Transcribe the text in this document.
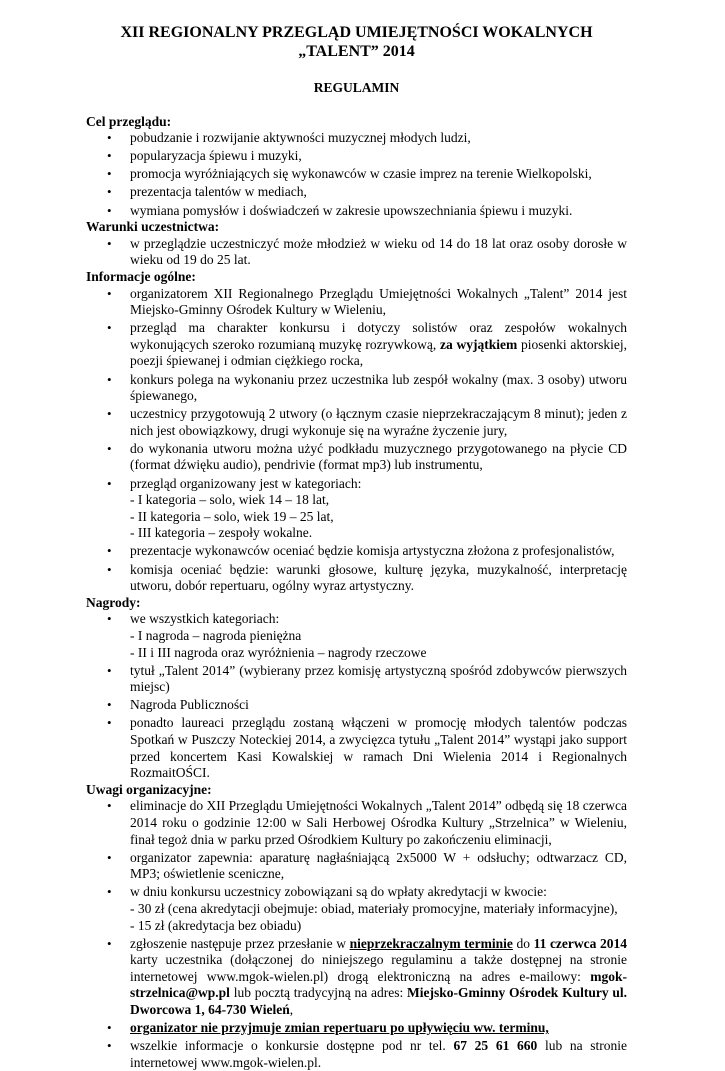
XII REGIONALNY PRZEGLĄD UMIEJĘTNOŚCI WOKALNYCH
„TALENT” 2014
REGULAMIN
Cel przeglądu:
• pobudzanie i rozwijanie aktywności muzycznej młodych ludzi,
• popularyzacja śpiewu i muzyki,
• promocja wyróżniających się wykonawców w czasie imprez na terenie Wielkopolski,
• prezentacja talentów w mediach,
• wymiana pomysłów i doświadczeń w zakresie upowszechniania śpiewu i muzyki.
Warunki uczestnictwa:
• w przeglądzie uczestniczyć może młodzież w wieku od 14 do 18 lat oraz osoby dorosłe w wieku od 19 do 25 lat.
Informacje ogólne:
• organizatorem XII Regionalnego Przeglądu Umiejętności Wokalnych „Talent” 2014 jest Miejsko-Gminny Ośrodek Kultury w Wieleniu,
• przegląd ma charakter konkursu i dotyczy solistów oraz zespołów wokalnych wykonujących szeroko rozumianą muzykę rozrywkową, za wyjątkiem piosenki aktorskiej, poezji śpiewanej i odmian ciężkiego rocka,
• konkurs polega na wykonaniu przez uczestnika lub zespół wokalny (max. 3 osoby) utworu śpiewanego,
• uczestnicy przygotowują 2 utwory (o łącznym czasie nieprzekraczającym 8 minut); jeden z nich jest obowiązkowy, drugi wykonuje się na wyraźne życzenie jury,
• do wykonania utworu można użyć podkładu muzycznego przygotowanego na płycie CD (format dźwięku audio), pendrivie (format mp3) lub instrumentu,
• przegląd organizowany jest w kategoriach:
- I kategoria – solo, wiek 14 – 18 lat,
- II kategoria – solo, wiek 19 – 25 lat,
- III kategoria – zespoły wokalne.
• prezentacje wykonawców oceniać będzie komisja artystyczna złożona z profesjonalistów,
• komisja oceniać będzie: warunki głosowe, kulturę języka, muzykalność, interpretację utworu, dobór repertuaru, ogólny wyraz artystyczny.
Nagrody:
• we wszystkich kategoriach:
- I nagroda – nagroda pieniężna
- II i III nagroda oraz wyróżnienia – nagrody rzeczowe
• tytuł „Talent 2014” (wybierany przez komisję artystyczną spośród zdobywców pierwszych miejsc)
• Nagroda Publiczności
• ponadto laureaci przeglądu zostaną włączeni w promocję młodych talentów podczas Spotkań w Puszczy Noteckiej 2014, a zwycięzca tytułu „Talent 2014” wystąpi jako support przed koncertem Kasi Kowalskiej w ramach Dni Wielenia 2014 i Regionalnych RozmaitOŚCI.
Uwagi organizacyjne:
• eliminacje do XII Przeglądu Umiejętności Wokalnych „Talent 2014” odbędą się 18 czerwca 2014 roku o godzinie 12:00 w Sali Herbowej Ośrodka Kultury „Strzelnica” w Wieleniu, finał tegoż dnia w parku przed Ośrodkiem Kultury po zakończeniu eliminacji,
• organizator zapewnia: aparaturę nagłaśniającą 2x5000 W + odsłuchy; odtwarzacz CD, MP3; oświetlenie sceniczne,
• w dniu konkursu uczestnicy zobowiązani są do wpłaty akredytacji w kwocie:
- 30 zł (cena akredytacji obejmuje: obiad, materiały promocyjne, materiały informacyjne),
- 15 zł (akredytacja bez obiadu)
• zgłoszenie następuje przez przesłanie w nieprzekraczalnym terminie do 11 czerwca 2014 karty uczestnika (dołączonej do niniejszego regulaminu a także dostępnej na stronie internetowej www.mgok-wielen.pl) drogą elektroniczną na adres e-mailowy: mgok-strzelnica@wp.pl lub pocztą tradycyjną na adres: Miejsko-Gminny Ośrodek Kultury ul. Dworcowa 1, 64-730 Wieleń,
• organizator nie przyjmuje zmian repertuaru po upływięciu ww. terminu,
• wszelkie informacje o konkursie dostępne pod nr tel. 67 25 61 660 lub na stronie internetowej www.mgok-wielen.pl.
